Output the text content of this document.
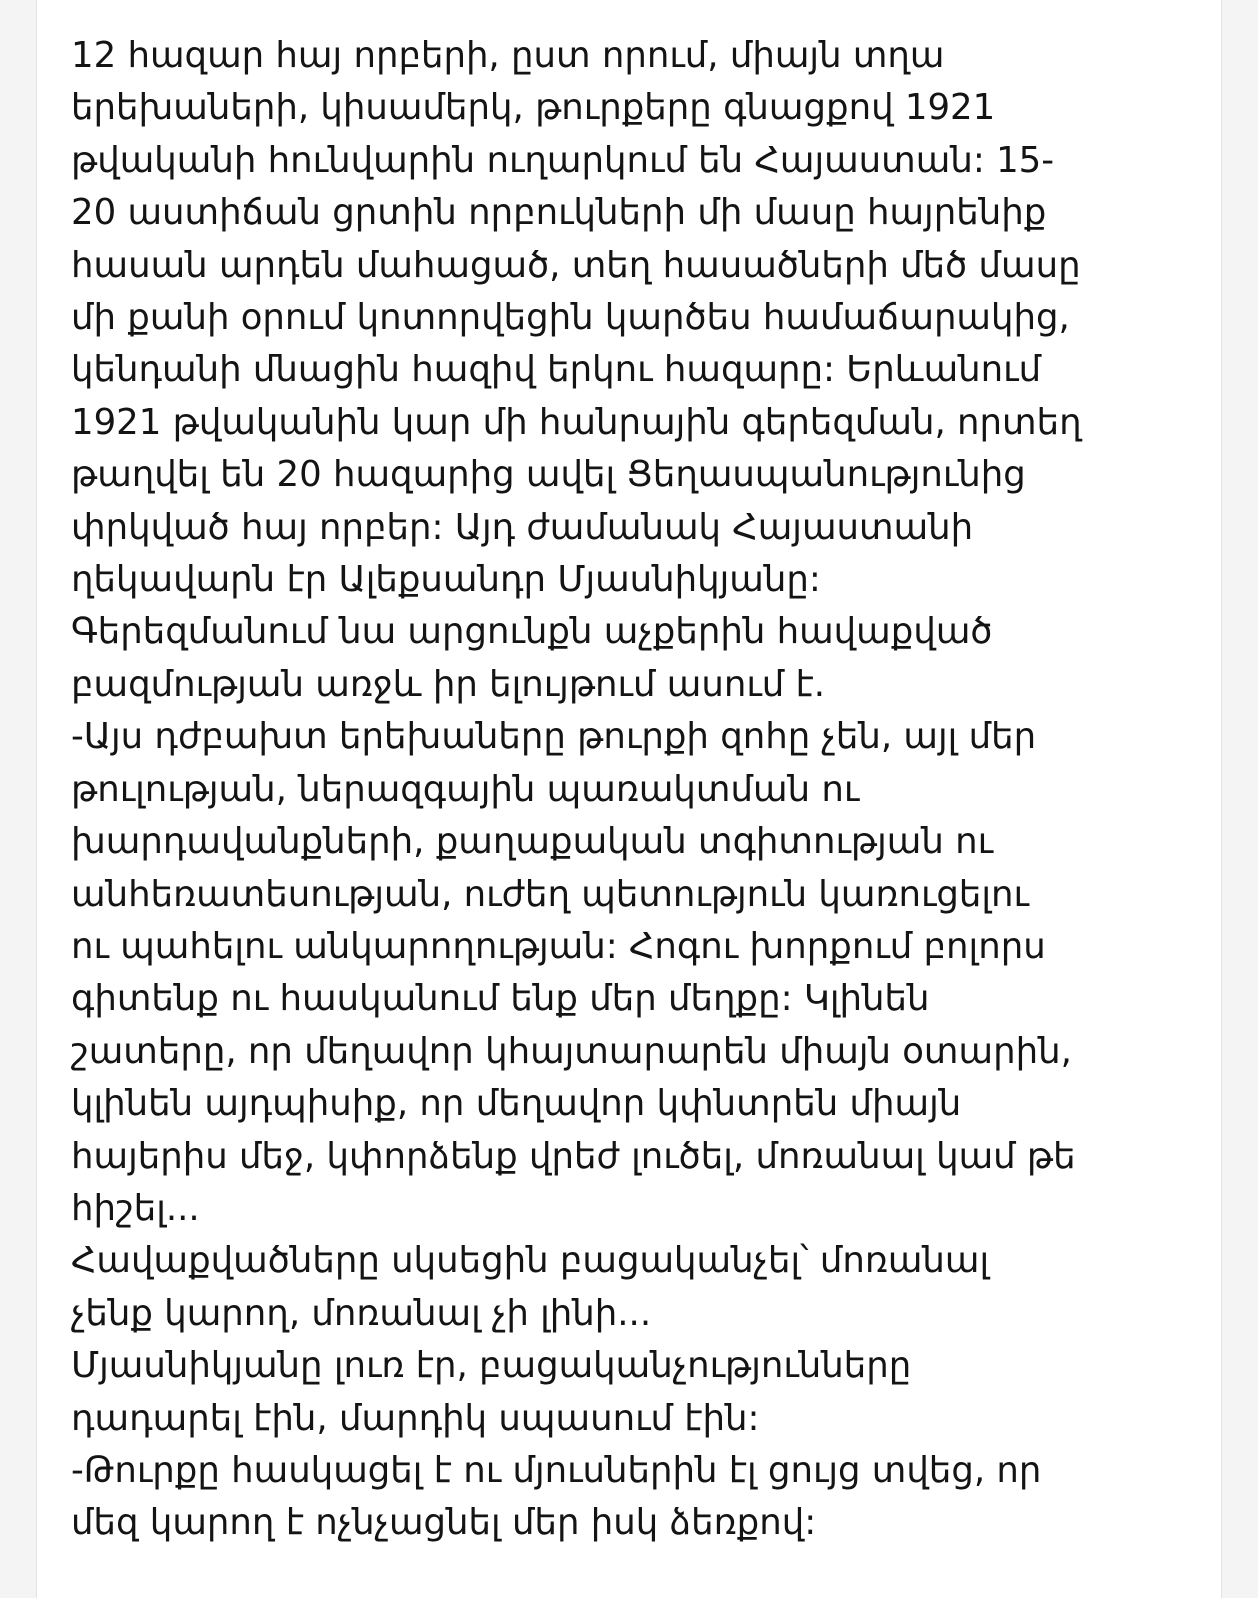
12 հազար հայ որբերի, ըստ որում, միայն տղա
երեխաների, կիսամերկ, թուրքերը գնացքով 1921
թվականի հունվարին ուղարկում են Հայաստան: 15-
20 աստիճան ցրտին որբուկների մի մասը հայրենիք
հասան արդեն մահացած, տեղ հասածների մեծ մասը
մի քանի օրում կոտորվեցին կարծես համաճարակից,
կենդանի մնացին հազիվ երկու հազարը: Երևանում
1921 թվականին կար մի հանրային գերեզման, որտեղ
թաղվել են 20 հազարից ավել Ցեղասպանությունից
փրկված հայ որբեր: Այդ ժամանակ Հայաստանի
ղեկավարն էր Ալեքսանդր Մյասնիկյանը:
Գերեզմանում նա արցունքն աչքերին հավաքված
բազմության առջև իր ելույթում ասում է.
-Այս դժբախտ երեխաները թուրքի զոհը չեն, այլ մեր
թուլության, ներազգային պառակտման ու
խարդավանքների, քաղաքական տգիտության ու
անհեռատեսության, ուժեղ պետություն կառուցելու
ու պահելու անկարողության: Հոգու խորքում բոլորս
գիտենք ու հասկանում ենք մեր մեղքը: Կլինեն
շատերը, որ մեղավոր կհայտարարեն միայն օտարին,
կլինեն այդպիսիք, որ մեղավոր կփնտրեն միայն
հայերիս մեջ, կփորձենք վրեժ լուծել, մոռանալ կամ թե
հիշել...
Հավաքվածները սկսեցին բացականչել՝ մոռանալ
չենք կարող, մոռանալ չի լինի...
Մյասնիկյանը լուռ էր, բացականչությունները
դադարել էին, մարդիկ սպասում էին:
-Թուրքը հասկացել է ու մյուսներին էլ ցույց տվեց, որ
մեզ կարող է ոչնչացնել մեր իսկ ձեռքով:
